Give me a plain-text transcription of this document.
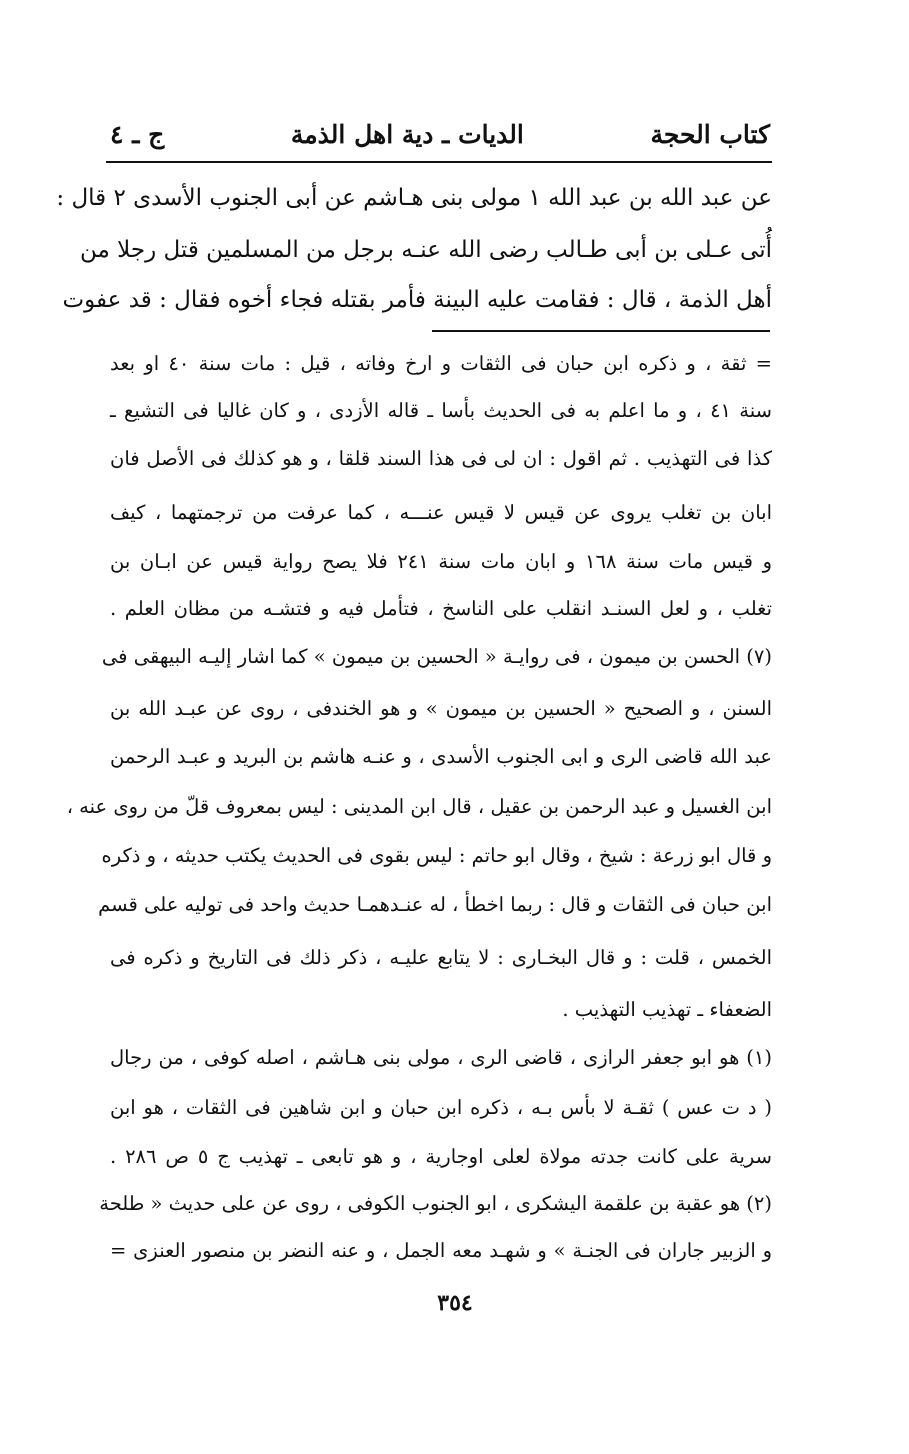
كتاب الحجة
الديات ـ دية اهل الذمة
ج ـ ٤
عن عبد الله بن عبد الله ١ مولى بنى هـاشم عن أبى الجنوب الأسدى ٢ قال :
أُتى عـلى بن أبى طـالب رضى الله عنـه برجل من المسلمين قتل رجلا من
أهل الذمة ، قال : فقامت عليه البينة فأمر بقتله فجاء أخوه فقال : قد عفوت
= ثقة ، و ذكره ابن حبان فى الثقات و ارخ وفاته ، قيل : مات سنة ٤٠ او بعد
سنة ٤١ ، و ما اعلم به فى الحديث بأسا ـ قاله الأزدى ، و كان غاليا فى التشيع ـ
كذا فى التهذيب . ثم اقول : ان لى فى هذا السند قلقا ، و هو كذلك فى الأصل فان
ابان بن تغلب يروى عن قيس لا قيس عنـــه ، كما عرفت من ترجمتهما ، كيف
و قيس مات سنة ١٦٨ و ابان مات سنة ٢٤١ فلا يصح رواية قيس عن ابـان بن
تغلب ، و لعل السنـد انقلب على الناسخ ، فتأمل فيه و فتشـه من مظان العلم .
(٧) الحسن بن ميمون ، فى روايـة « الحسين بن ميمون » كما اشار إليـه البيهقى فى
السنن ، و الصحيح « الحسين بن ميمون » و هو الخندفى ، روى عن عبـد الله بن
عبد الله قاضى الرى و ابى الجنوب الأسدى ، و عنـه هاشم بن البريد و عبـد الرحمن
ابن الغسيل و عبد الرحمن بن عقيل ، قال ابن المدينى : ليس بمعروف قلّ من روى عنه ،
و قال ابو زرعة : شيخ ، وقال ابو حاتم : ليس بقوى فى الحديث يكتب حديثه ، و ذكره
ابن حبان فى الثقات و قال : ربما اخطأ ، له عنـدهمـا حديث واحد فى توليه على قسم
الخمس ، قلت : و قال البخـارى : لا يتابع عليـه ، ذكر ذلك فى التاريخ و ذكره فى
الضعفاء ـ تهذيب التهذيب .
(١) هو ابو جعفر الرازى ، قاضى الرى ، مولى بنى هـاشم ، اصله كوفى ، من رجال
( د ت عس ) ثقـة لا بأس بـه ، ذكره ابن حبان و ابن شاهين فى الثقات ، هو ابن
سرية على كانت جدته مولاة لعلى اوجارية ، و هو تابعى ـ تهذيب ج ٥ ص ٢٨٦ .
(٢) هو عقبة بن علقمة اليشكرى ، ابو الجنوب الكوفى ، روى عن على حديث « طلحة
و الزبير جاران فى الجنـة » و شهـد معه الجمل ، و عنه النضر بن منصور العنزى =
٣٥٤
